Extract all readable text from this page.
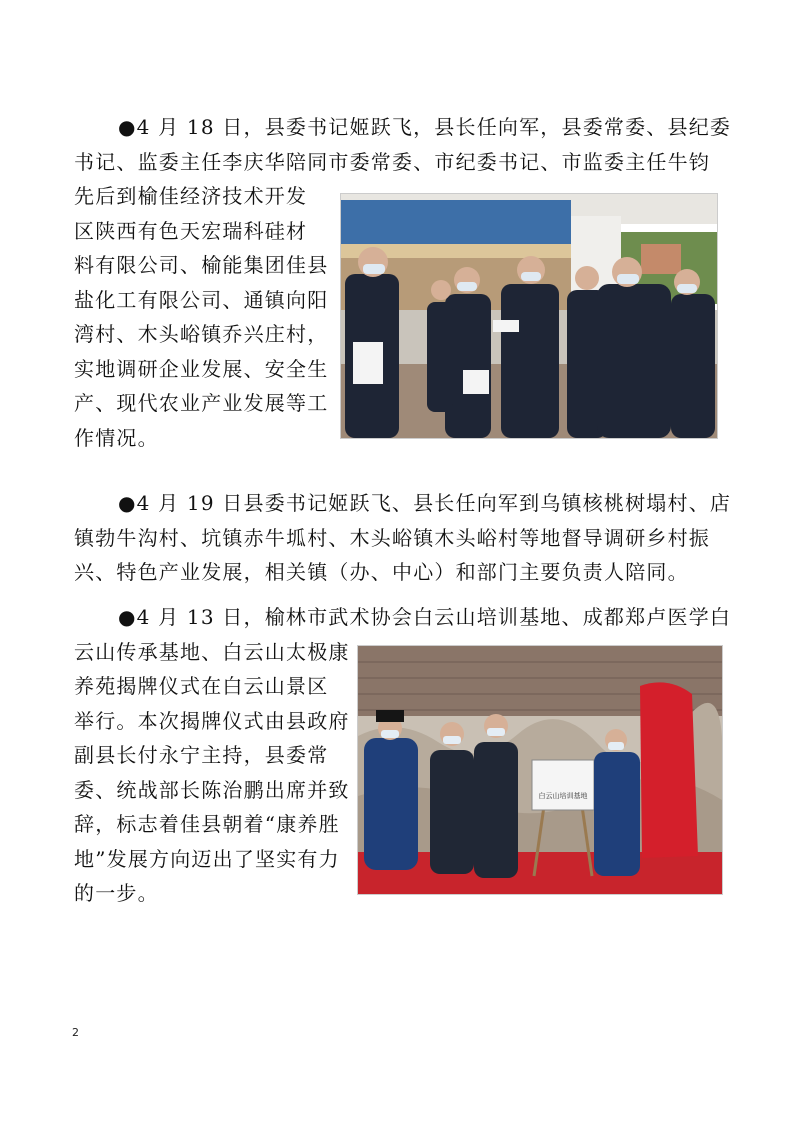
●4 月 18 日，县委书记姬跃飞，县长任向军，县委常委、县纪委
书记、监委主任李庆华陪同市委常委、市纪委书记、市监委主任牛钧
先后到榆佳经济技术开发
区陕西有色天宏瑞科硅材
料有限公司、榆能集团佳县
盐化工有限公司、通镇向阳
湾村、木头峪镇乔兴庄村，
实地调研企业发展、安全生
产、现代农业产业发展等工
作情况。
●4 月 19 日县委书记姬跃飞、县长任向军到乌镇核桃树塌村、店
镇勃牛沟村、坑镇赤牛坬村、木头峪镇木头峪村等地督导调研乡村振
兴、特色产业发展，相关镇（办、中心）和部门主要负责人陪同。
●4 月 13 日，榆林市武术协会白云山培训基地、成都郑卢医学白
云山传承基地、白云山太极康
养苑揭牌仪式在白云山景区
举行。本次揭牌仪式由县政府
副县长付永宁主持，县委常
委、统战部长陈治鹏出席并致
辞，标志着佳县朝着“康养胜
地”发展方向迈出了坚实有力
的一步。
白云山培训基地
2
